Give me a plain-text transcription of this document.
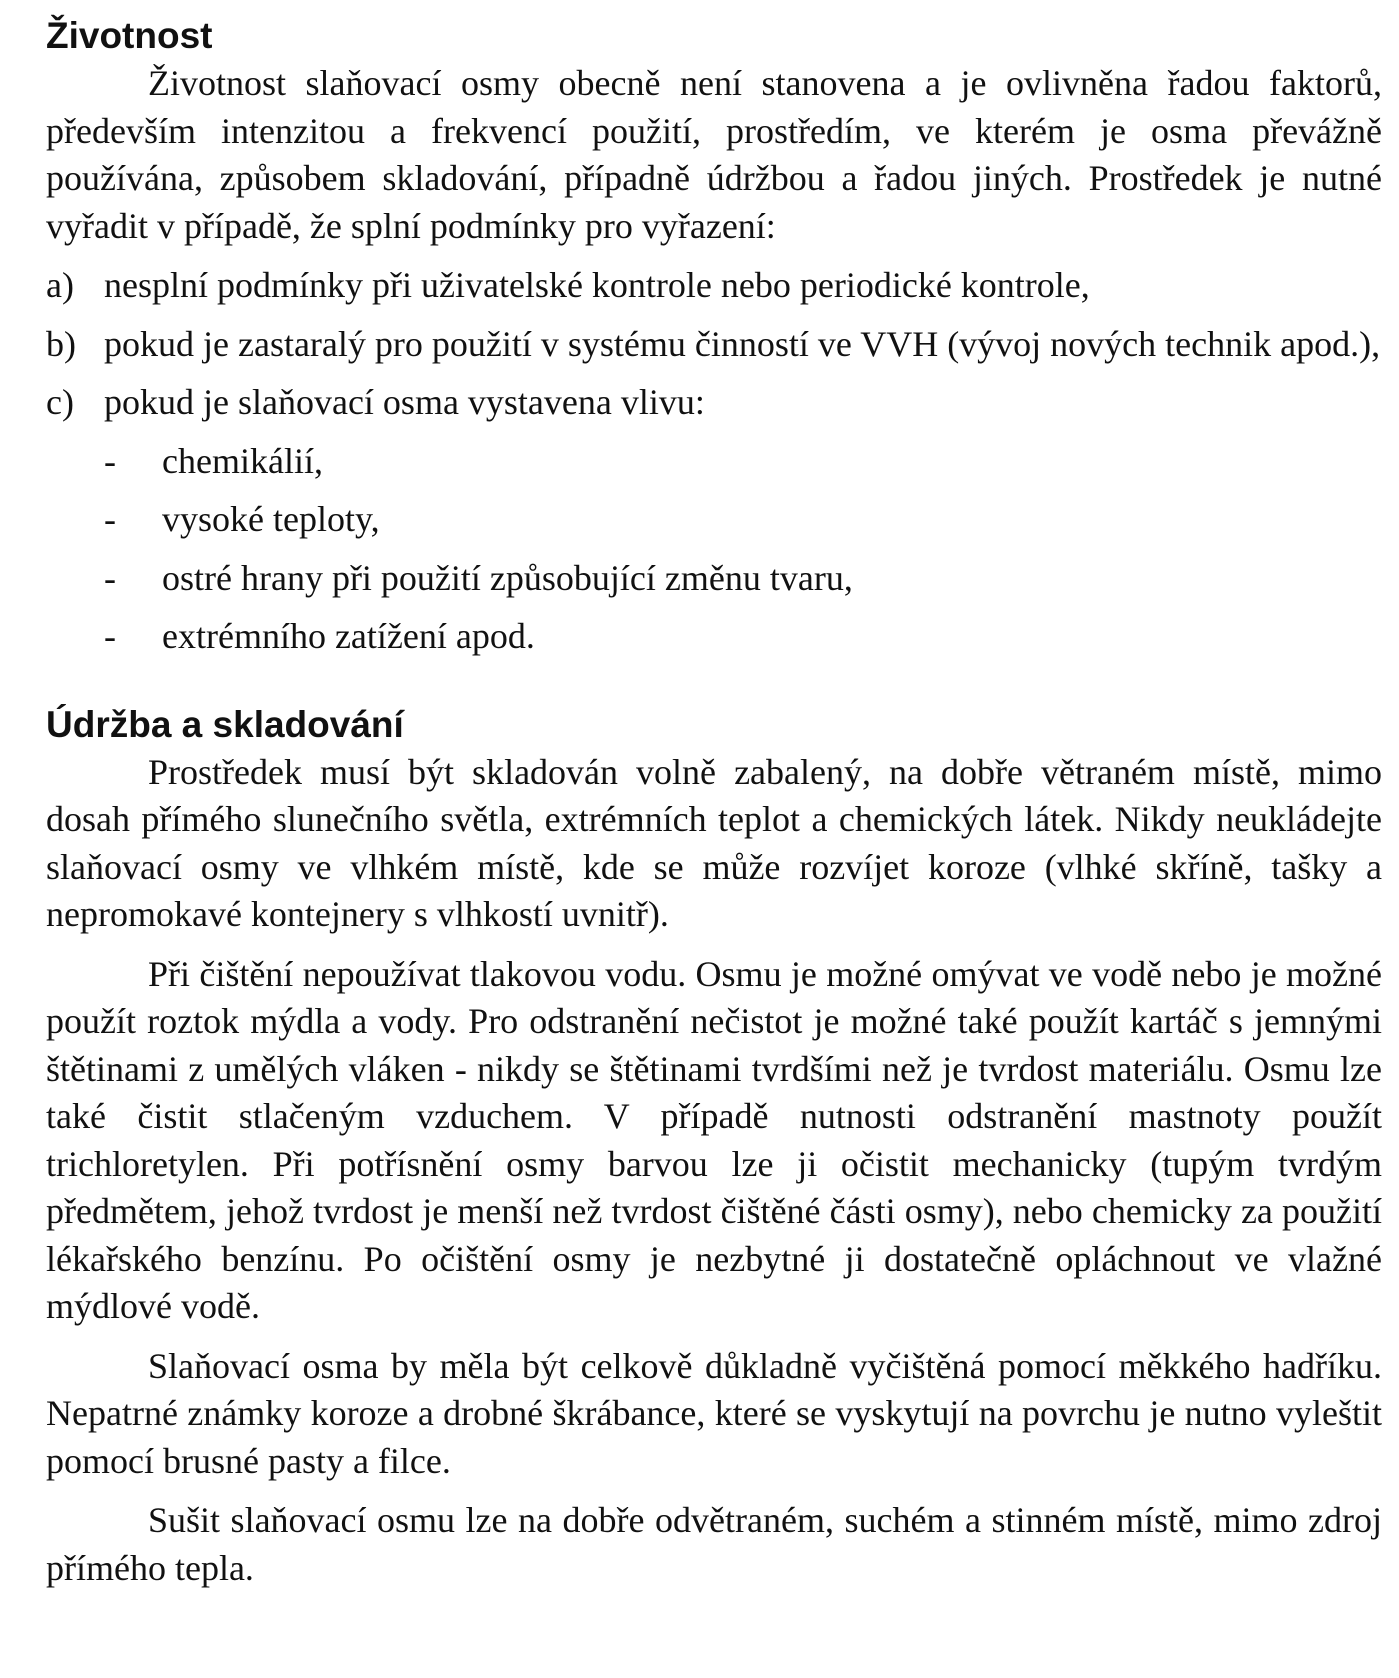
Životnost

Životnost slaňovací osmy obecně není stanovena a je ovlivněna řadou faktorů, především intenzitou a frekvencí použití, prostředím, ve kterém je osma převážně používána, způsobem skladování, případně údržbou a řadou jiných. Prostředek je nutné vyřadit v případě, že splní podmínky pro vyřazení:

a) nesplní podmínky při uživatelské kontrole nebo periodické kontrole,
b) pokud je zastaralý pro použití v systému činností ve VVH (vývoj nových technik apod.),
c) pokud je slaňovací osma vystavena vlivu:
- chemikálií,
- vysoké teploty,
- ostré hrany při použití způsobující změnu tvaru,
- extrémního zatížení apod.
Údržba a skladování

Prostředek musí být skladován volně zabalený, na dobře větraném místě, mimo dosah přímého slunečního světla, extrémních teplot a chemických látek. Nikdy neukládejte slaňovací osmy ve vlhkém místě, kde se může rozvíjet koroze (vlhké skříně, tašky a nepromokavé kontejnery s vlhkostí uvnitř).

Při čištění nepoužívat tlakovou vodu. Osmu je možné omývat ve vodě nebo je možné použít roztok mýdla a vody. Pro odstranění nečistot je možné také použít kartáč s jemnými štětinami z umělých vláken - nikdy se štětinami tvrdšími než je tvrdost materiálu. Osmu lze také čistit stlačeným vzduchem. V případě nutnosti odstranění mastnoty použít trichloretylen. Při potřísnění osmy barvou lze ji očistit mechanicky (tupým tvrdým předmětem, jehož tvrdost je menší než tvrdost čištěné části osmy), nebo chemicky za použití lékařského benzínu. Po očištění osmy je nezbytné ji dostatečně opláchnout ve vlažné mýdlové vodě.

Slaňovací osma by měla být celkově důkladně vyčištěná pomocí měkkého hadříku. Nepatrné známky koroze a drobné škrábance, které se vyskytují na povrchu je nutno vyleštit pomocí brusné pasty a filce.

Sušit slaňovací osmu lze na dobře odvětraném, suchém a stinném místě, mimo zdroj přímého tepla.
